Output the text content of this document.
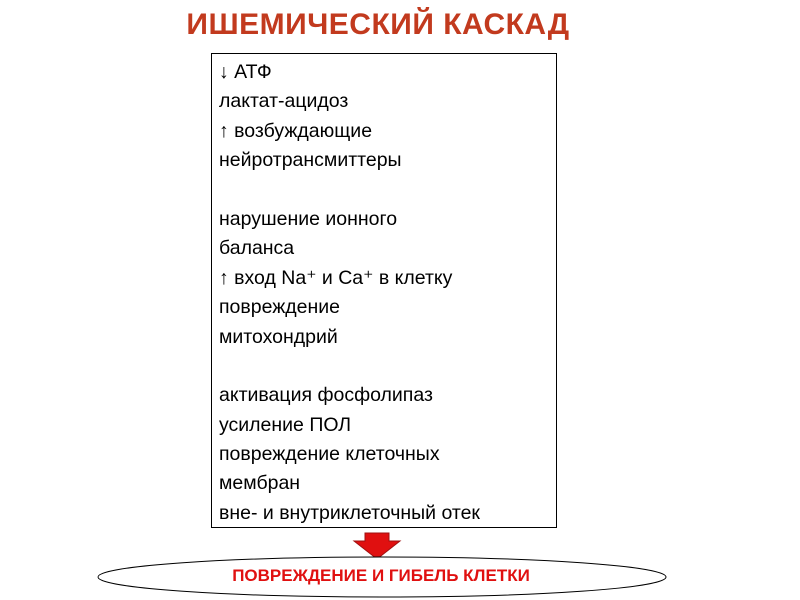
ИШЕМИЧЕСКИЙ КАСКАД
↓ АТФ
лактат-ацидоз
↑ возбуждающие
нейротрансмиттеры
нарушение ионного
баланса
↑ вход Na⁺ и Ca⁺ в клетку
повреждение
митохондрий
активация фосфолипаз
усиление ПОЛ
повреждение клеточных
мембран
вне- и внутриклеточный отек
ПОВРЕЖДЕНИЕ И ГИБЕЛЬ КЛЕТКИ
